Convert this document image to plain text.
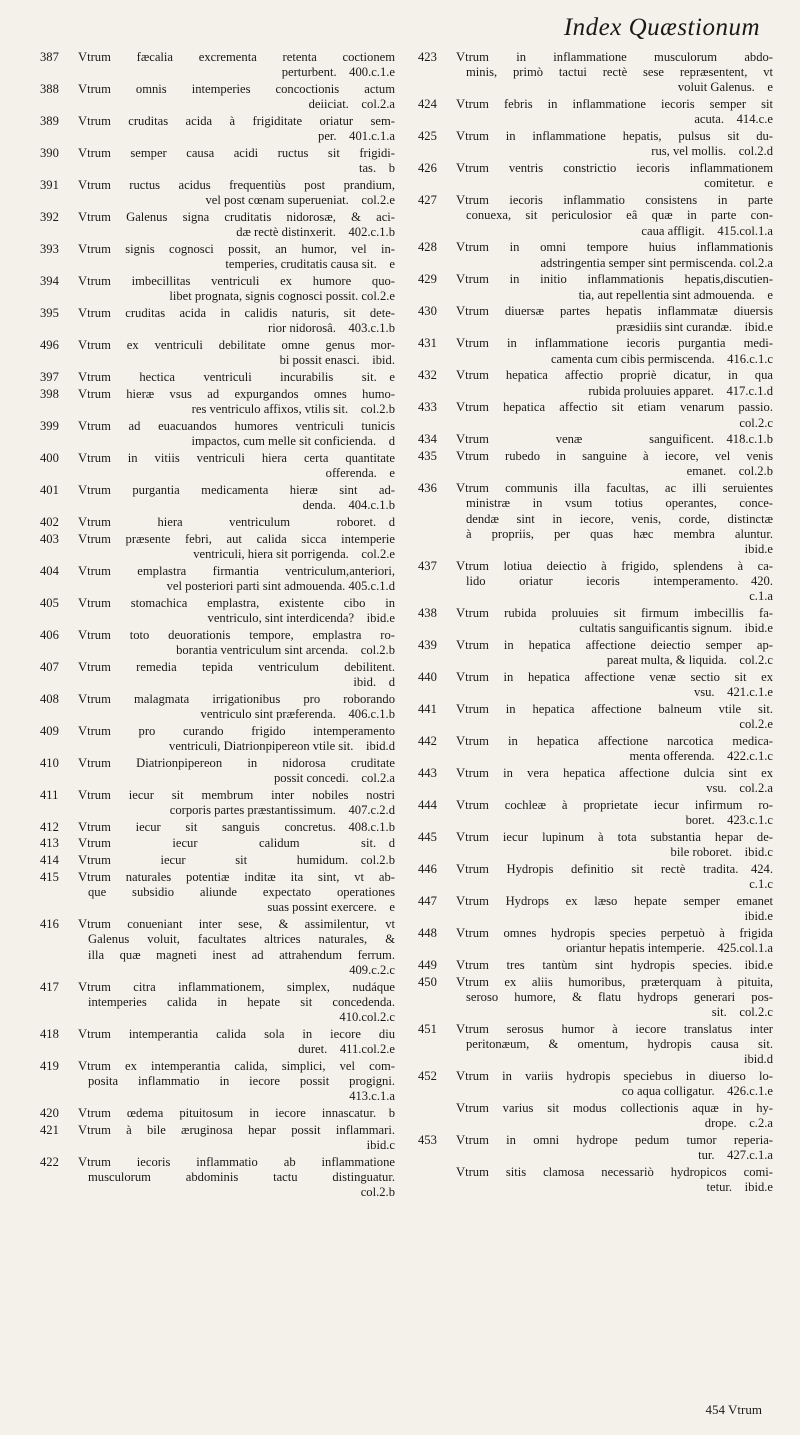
Index Quæstionum
387 Vtrum fæcalia excrementa retenta coctionem
perturbent. 400.c.1.e
388 Vtrum omnis intemperies concoctionis actum
deiiciat. col.2.a
389 Vtrum cruditas acida à frigiditate oriatur sem-
per. 401.c.1.a
390 Vtrum semper causa acidi ructus sit frigidi-
tas. b
391 Vtrum ructus acidus frequentiùs post prandium,
vel post cœnam superueniat. col.2.e
392 Vtrum Galenus signa cruditatis nidorosæ, & aci-
dæ rectè distinxerit. 402.c.1.b
393 Vtrum signis cognosci possit, an humor, vel in-
temperies, cruditatis causa sit. e
394 Vtrum imbecillitas ventriculi ex humore quo-
libet prognata, signis cognosci possit. col.2.e
395 Vtrum cruditas acida in calidis naturis, sit dete-
rior nidorosâ. 403.c.1.b
496 Vtrum ex ventriculi debilitate omne genus mor-
bi possit enasci. ibid.
397 Vtrum hectica ventriculi incurabilis sit. e
398 Vtrum hieræ vsus ad expurgandos omnes humo-
res ventriculo affixos, vtilis sit. col.2.b
399 Vtrum ad euacuandos humores ventriculi tunicis
impactos, cum melle sit conficienda. d
400 Vtrum in vitiis ventriculi hiera certa quantitate
offerenda. e
401 Vtrum purgantia medicamenta hieræ sint ad-
denda. 404.c.1.b
402 Vtrum hiera ventriculum roboret. d
403 Vtrum præsente febri, aut calida sicca intemperie
ventriculi, hiera sit porrigenda. col.2.e
404 Vtrum emplastra firmantia ventriculum,anteriori,
vel posteriori parti sint admouenda. 405.c.1.d
405 Vtrum stomachica emplastra, existente cibo in
ventriculo, sint interdicenda? ibid.e
406 Vtrum toto deuorationis tempore, emplastra ro-
borantia ventriculum sint arcenda. col.2.b
407 Vtrum remedia tepida ventriculum debilitent.
ibid. d
408 Vtrum malagmata irrigationibus pro roborando
ventriculo sint præferenda. 406.c.1.b
409 Vtrum pro curando frigido intemperamento
ventriculi, Diatrionpipereon vtile sit. ibid.d
410 Vtrum Diatrionpipereon in nidorosa cruditate
possit concedi. col.2.a
411 Vtrum iecur sit membrum inter nobiles nostri
corporis partes præstantissimum. 407.c.2.d
412 Vtrum iecur sit sanguis concretus. 408.c.1.b
413 Vtrum iecur calidum sit. d
414 Vtrum iecur sit humidum. col.2.b
415 Vtrum naturales potentiæ inditæ ita sint, vt ab-
que subsidio aliunde expectato operationes
suas possint exercere. e
416 Vtrum conueniant inter sese, & assimilentur, vt
Galenus voluit, facultates altrices naturales, &
illa quæ magneti inest ad attrahendum ferrum.
409.c.2.c
417 Vtrum citra inflammationem, simplex, nudáque
intemperies calida in hepate sit concedenda.
410.col.2.c
418 Vtrum intemperantia calida sola in iecore diu
duret. 411.col.2.e
419 Vtrum ex intemperantia calida, simplici, vel com-
posita inflammatio in iecore possit progigni.
413.c.1.a
420 Vtrum œdema pituitosum in iecore innascatur. b
421 Vtrum à bile æruginosa hepar possit inflammari.
ibid.c
422 Vtrum iecoris inflammatio ab inflammatione
musculorum abdominis tactu distinguatur.
col.2.b
423 Vtrum in inflammatione musculorum abdo-
minis, primò tactui rectè sese repræsentent, vt
voluit Galenus. e
424 Vtrum febris in inflammatione iecoris semper sit
acuta. 414.c.e
425 Vtrum in inflammatione hepatis, pulsus sit du-
rus, vel mollis. col.2.d
426 Vtrum ventris constrictio iecoris inflammationem
comitetur. e
427 Vtrum iecoris inflammatio consistens in parte
conuexa, sit periculosior eâ quæ in parte con-
caua affligit. 415.col.1.a
428 Vtrum in omni tempore huius inflammationis
adstringentia semper sint permiscenda. col.2.a
429 Vtrum in initio inflammationis hepatis,discutien-
tia, aut repellentia sint admouenda. e
430 Vtrum diuersæ partes hepatis inflammatæ diuersis
præsidiis sint curandæ. ibid.e
431 Vtrum in inflammatione iecoris purgantia medi-
camenta cum cibis permiscenda. 416.c.1.c
432 Vtrum hepatica affectio propriè dicatur, in qua
rubida proluuies apparet. 417.c.1.d
433 Vtrum hepatica affectio sit etiam venarum passio.
col.2.c
434 Vtrum venæ sanguificent. 418.c.1.b
435 Vtrum rubedo in sanguine à iecore, vel venis
emanet. col.2.b
436 Vtrum communis illa facultas, ac illi seruientes
ministræ in vsum totius operantes, conce-
dendæ sint in iecore, venis, corde, distinctæ
à propriis, per quas hæc membra aluntur.
ibid.e
437 Vtrum lotiua deiectio à frigido, splendens à ca-
lido oriatur iecoris intemperamento. 420.
c.1.a
438 Vtrum rubida proluuies sit firmum imbecillis fa-
cultatis sanguificantis signum. ibid.e
439 Vtrum in hepatica affectione deiectio semper ap-
pareat multa, & liquida. col.2.c
440 Vtrum in hepatica affectione venæ sectio sit ex
vsu. 421.c.1.e
441 Vtrum in hepatica affectione balneum vtile sit.
col.2.e
442 Vtrum in hepatica affectione narcotica medica-
menta offerenda. 422.c.1.c
443 Vtrum in vera hepatica affectione dulcia sint ex
vsu. col.2.a
444 Vtrum cochleæ à proprietate iecur infirmum ro-
boret. 423.c.1.c
445 Vtrum iecur lupinum à tota substantia hepar de-
bile roboret. ibid.c
446 Vtrum Hydropis definitio sit rectè tradita. 424.
c.1.c
447 Vtrum Hydrops ex læso hepate semper emanet
ibid.e
448 Vtrum omnes hydropis species perpetuò à frigida
oriantur hepatis intemperie. 425.col.1.a
449 Vtrum tres tantùm sint hydropis species. ibid.e
450 Vtrum ex aliis humoribus, præterquam à pituita,
seroso humore, & flatu hydrops generari pos-
sit. col.2.c
451 Vtrum serosus humor à iecore translatus inter
peritonæum, & omentum, hydropis causa sit.
ibid.d
452 Vtrum in variis hydropis speciebus in diuerso lo-
co aqua colligatur. 426.c.1.e
Vtrum varius sit modus collectionis aquæ in hy-
drope. c.2.a
453 Vtrum in omni hydrope pedum tumor reperia-
tur. 427.c.1.a
Vtrum sitis clamosa necessariò hydropicos comi-
tetur. ibid.e
454 Vtrum
